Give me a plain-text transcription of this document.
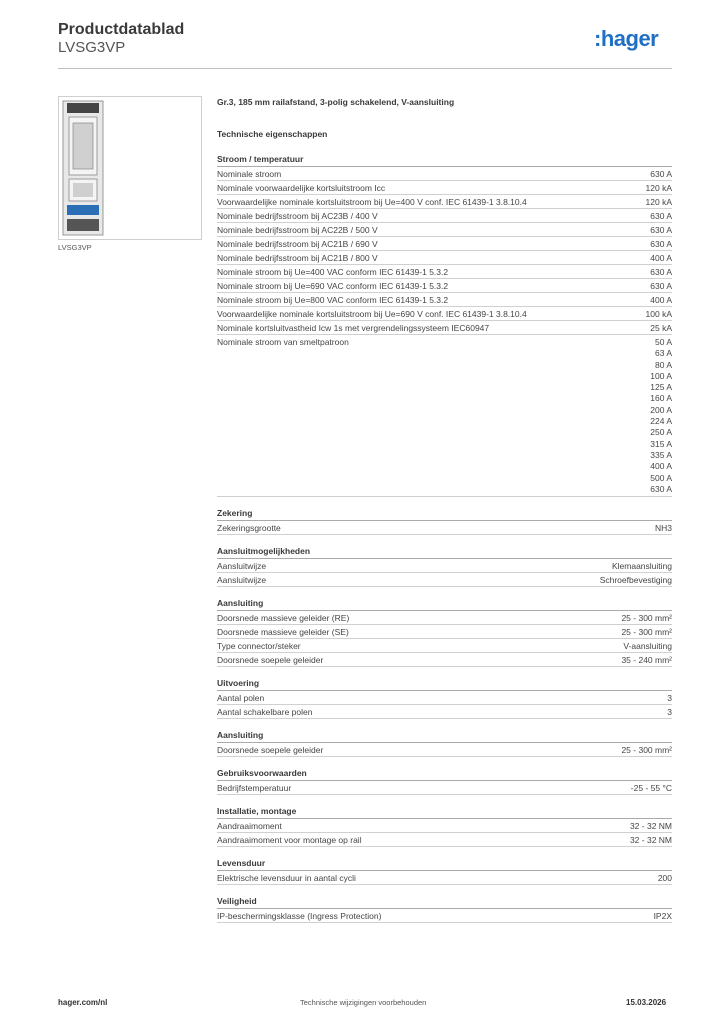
Productdatablad
LVSG3VP	:hager
LVSG3VP
Gr.3, 185 mm railafstand, 3-polig schakelend, V-aansluiting
Technische eigenschappen
Stroom / temperatuur
Nominale stroom	630 A
Nominale voorwaardelijke kortsluitstroom Icc	120 kA
Voorwaardelijke nominale kortsluitstroom bij Ue=400 V conf. IEC 61439-1 3.8.10.4	120 kA
Nominale bedrijfsstroom bij AC23B / 400 V	630 A
Nominale bedrijfsstroom bij AC22B / 500 V	630 A
Nominale bedrijfsstroom bij AC21B / 690 V	630 A
Nominale bedrijfsstroom bij AC21B / 800 V	400 A
Nominale stroom bij Ue=400 VAC conform IEC 61439-1 5.3.2	630 A
Nominale stroom bij Ue=690 VAC conform IEC 61439-1 5.3.2	630 A
Nominale stroom bij Ue=800 VAC conform IEC 61439-1 5.3.2	400 A
Voorwaardelijke nominale kortsluitstroom bij Ue=690 V conf. IEC 61439-1 3.8.10.4	100 kA
Nominale kortsluitvastheid Icw 1s met vergrendelingssysteem IEC60947	25 kA
Nominale stroom van smeltpatroon	50 A
63 A
80 A
100 A
125 A
160 A
200 A
224 A
250 A
315 A
335 A
400 A
500 A
630 A
Zekering
Zekeringsgrootte	NH3
Aansluitmogelijkheden
Aansluitwijze	Klemaansluiting
Aansluitwijze	Schroefbevestiging
Aansluiting
Doorsnede massieve geleider (RE)	25 - 300 mm²
Doorsnede massieve geleider (SE)	25 - 300 mm²
Type connector/steker	V-aansluiting
Doorsnede soepele geleider	35 - 240 mm²
Uitvoering
Aantal polen	3
Aantal schakelbare polen	3
Aansluiting
Doorsnede soepele geleider	25 - 300 mm²
Gebruiksvoorwaarden
Bedrijfstemperatuur	-25 - 55 °C
Installatie, montage
Aandraaimoment	32 - 32 NM
Aandraaimoment voor montage op rail	32 - 32 NM
Levensduur
Elektrische levensduur in aantal cycli	200
Veiligheid
IP-beschermingsklasse (Ingress Protection)	IP2X
hager.com/nl	Technische wijzigingen voorbehouden	15.03.2026
